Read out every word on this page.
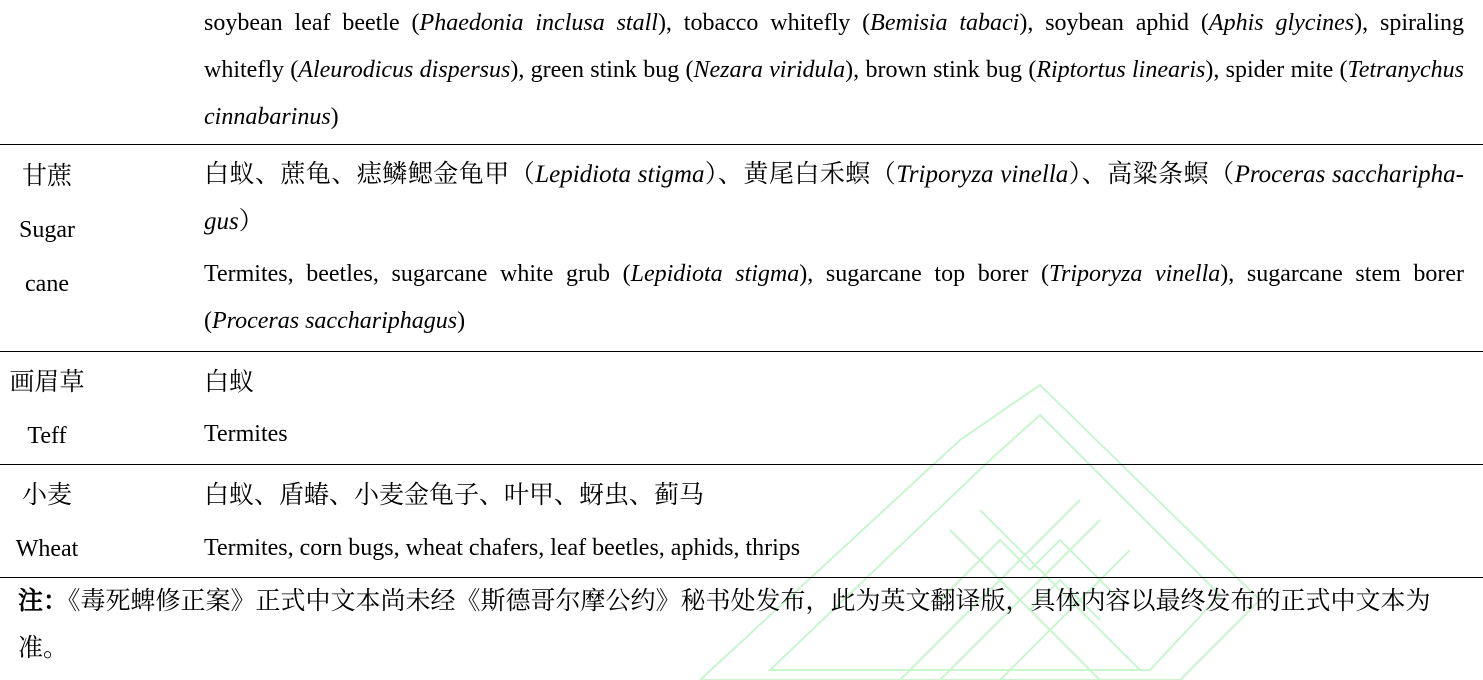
soybean leaf beetle (Phaedonia inclusa stall), tobacco whitefly (Bemisia tabaci), soybean aphid (Aphis glycines), spiraling whitefly (Aleurodicus dispersus), green stink bug (Nezara viridula), brown stink bug (Riptortus linearis), spider mite (Tetranychus cinnabarinus)
甘蔗
Sugar cane
白蚁、蔗龟、痣鳞鳃金龟甲（Lepidiota stigma）、黄尾白禾螟（Triporyza vinella）、高粱条螟（Proceras sacchariphagus）
Termites, beetles, sugarcane white grub (Lepidiota stigma), sugarcane top borer (Triporyza vinella), sugarcane stem borer (Proceras sacchariphagus)
画眉草
Teff
白蚁
Termites
小麦
Wheat
白蚁、盾蝽、小麦金龟子、叶甲、蚜虫、蓟马
Termites, corn bugs, wheat chafers, leaf beetles, aphids, thrips
注：《毒死蜱修正案》正式中文本尚未经《斯德哥尔摩公约》秘书处发布，此为英文翻译版，具体内容以最终发布的正式中文本为准。
